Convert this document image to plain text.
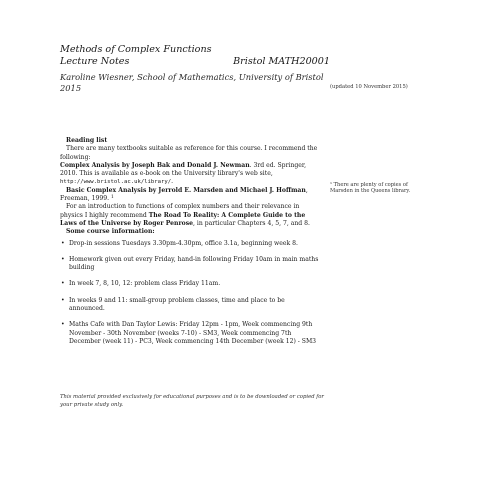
Methods of Complex Functions
Lecture Notes	Bristol MATH20001
Karoline Wiesner, School of Mathematics, University of Bristol
2015	(updated 10 November 2015)
Reading list
There are many textbooks suitable as reference for this course. I recommend the following:
Complex Analysis by Joseph Bak and Donald J. Newman. 3rd ed. Springer, 2010. This is available as e-book on the University library's web site, http://www.bristol.ac.uk/library/.
Basic Complex Analysis by Jerrold E. Marsden and Michael J. Hoffman, Freeman, 1999. $^1$
For an introduction to functions of complex numbers and their relevance in physics I highly recommend The Road To Reality: A Complete Guide to the Laws of the Universe by Roger Penrose, in particular Chapters 4, 5, 7, and 8.
Some course information:
• Drop-in sessions Tuesdays 3.30pm-4.30pm, office 3.1a, beginning week 8.
• Homework given out every Friday, hand-in following Friday 10am in main maths building
• In week 7, 8, 10, 12: problem class Friday 11am.
• In weeks 9 and 11: small-group problem classes, time and place to be announced.
• Maths Cafe with Dan Taylor Lewis: Friday 12pm - 1pm, Week commencing 9th November - 30th November (weeks 7-10) - SM3, Week commencing 7th December (week 11) - PC3, Week commencing 14th December (week 12) - SM3
¹ There are plenty of copies of Marsden in the Queens library.
This material provided exclusively for educational purposes and is to be downloaded or copied for your private study only.
